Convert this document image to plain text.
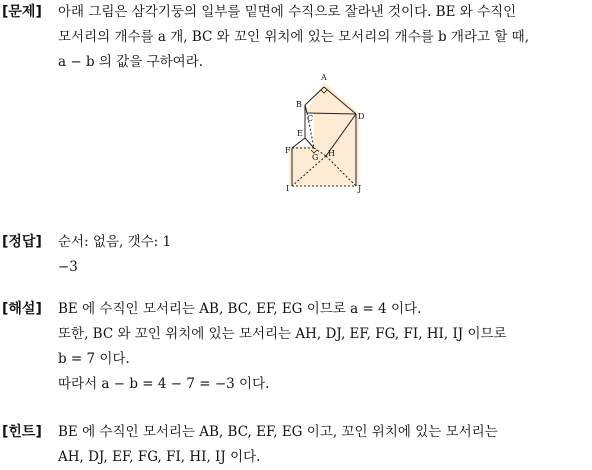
[문제] 아래 그림은 삼각기둥의 일부를 밑면에 수직으로 잘라낸 것이다. BE 와 수직인
모서리의 개수를 a 개, BC 와 꼬인 위치에 있는 모서리의 개수를 b 개라고 할 때,
a − b 의 값을 구하여라.
A
B
C	D
E
F
G H
I	J
[정답] 순서: 없음, 갯수: 1
−3
[해설] BE 에 수직인 모서리는 AB, BC, EF, EG 이므로 a = 4 이다.
또한, BC 와 꼬인 위치에 있는 모서리는 AH, DJ, EF, FG, FI, HI, IJ 이므로
b = 7 이다.
따라서 a − b = 4 − 7 = −3 이다.
[힌트] BE 에 수직인 모서리는 AB, BC, EF, EG 이고, 꼬인 위치에 있는 모서리는
AH, DJ, EF, FG, FI, HI, IJ 이다.
